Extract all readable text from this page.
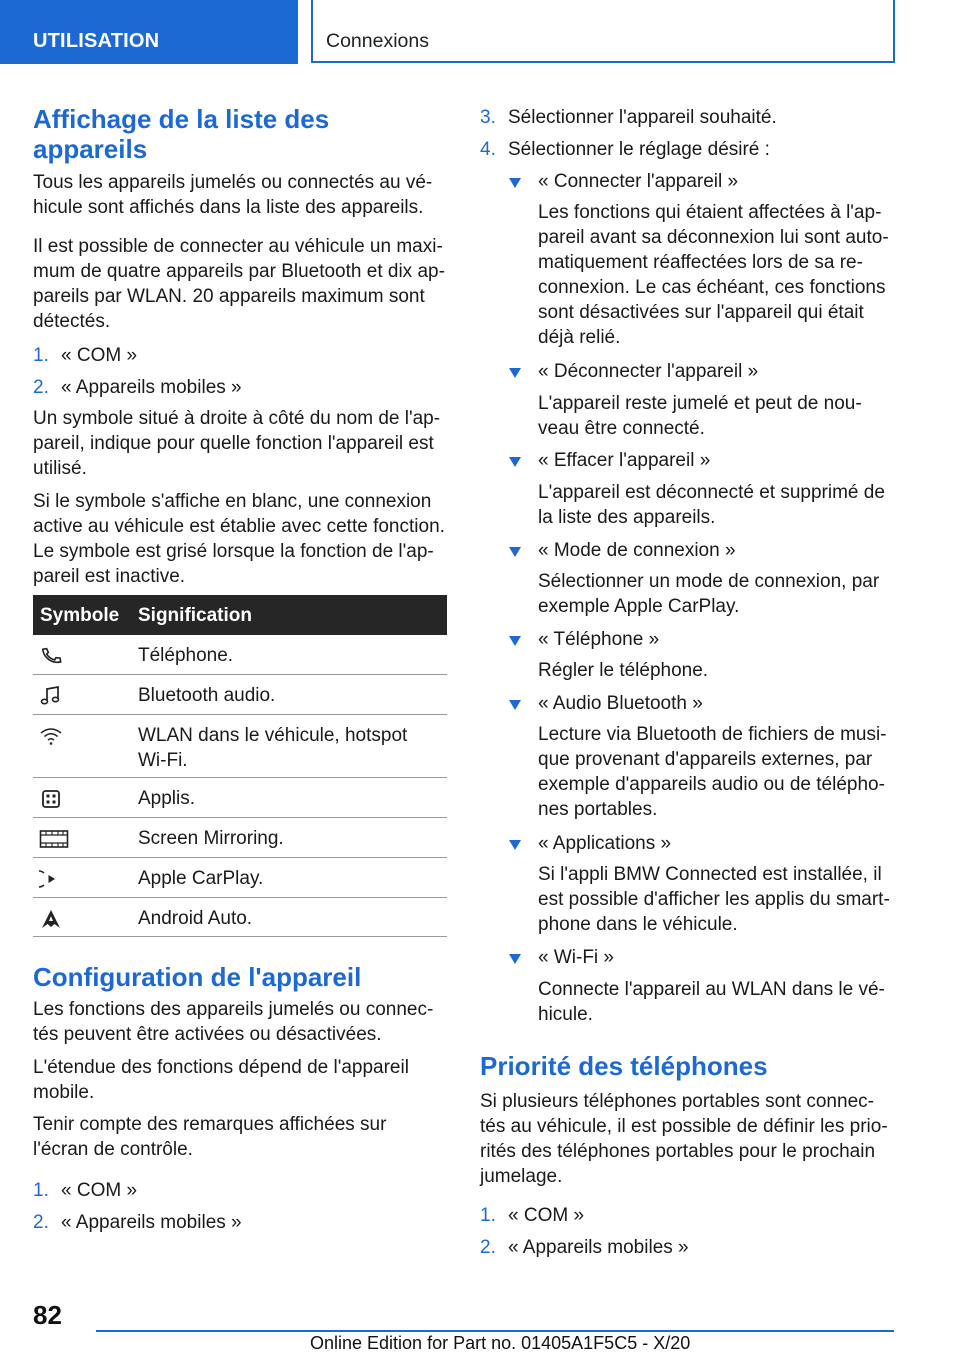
UTILISATION	Connexions
Affichage de la liste des
appareils

Tous les appareils jumelés ou connectés au vé-
hicule sont affichés dans la liste des appareils.

Il est possible de connecter au véhicule un maxi-
mum de quatre appareils par Bluetooth et dix ap-
pareils par WLAN. 20 appareils maximum sont
détectés.

1. « COM »
2. « Appareils mobiles »

Un symbole situé à droite à côté du nom de l'ap-
pareil, indique pour quelle fonction l'appareil est
utilisé.

Si le symbole s'affiche en blanc, une connexion
active au véhicule est établie avec cette fonction.
Le symbole est grisé lorsque la fonction de l'ap-
pareil est inactive.

Symbole Signification
Téléphone.
Bluetooth audio.
WLAN dans le véhicule, hotspot
Wi-Fi.
Applis.
Screen Mirroring.
Apple CarPlay.
Android Auto.
Configuration de l'appareil

Les fonctions des appareils jumelés ou connec-
tés peuvent être activées ou désactivées.

L'étendue des fonctions dépend de l'appareil
mobile.

Tenir compte des remarques affichées sur
l'écran de contrôle.

1. « COM »
2. « Appareils mobiles »
3. Sélectionner l'appareil souhaité.
4. Sélectionner le réglage désiré :
« Connecter l'appareil »
Les fonctions qui étaient affectées à l'ap-
pareil avant sa déconnexion lui sont auto-
matiquement réaffectées lors de sa re-
connexion. Le cas échéant, ces fonctions
sont désactivées sur l'appareil qui était
déjà relié.
« Déconnecter l'appareil »
L'appareil reste jumelé et peut de nou-
veau être connecté.
« Effacer l'appareil »
L'appareil est déconnecté et supprimé de
la liste des appareils.
« Mode de connexion »
Sélectionner un mode de connexion, par
exemple Apple CarPlay.
« Téléphone »
Régler le téléphone.
« Audio Bluetooth »
Lecture via Bluetooth de fichiers de musi-
que provenant d'appareils externes, par
exemple d'appareils audio ou de télépho-
nes portables.
« Applications »
Si l'appli BMW Connected est installée, il
est possible d'afficher les applis du smart-
phone dans le véhicule.
« Wi-Fi »
Connecte l'appareil au WLAN dans le vé-
hicule.
Priorité des téléphones

Si plusieurs téléphones portables sont connec-
tés au véhicule, il est possible de définir les prio-
rités des téléphones portables pour le prochain
jumelage.

1. « COM »
2. « Appareils mobiles »
82
Online Edition for Part no. 01405A1F5C5 - X/20
